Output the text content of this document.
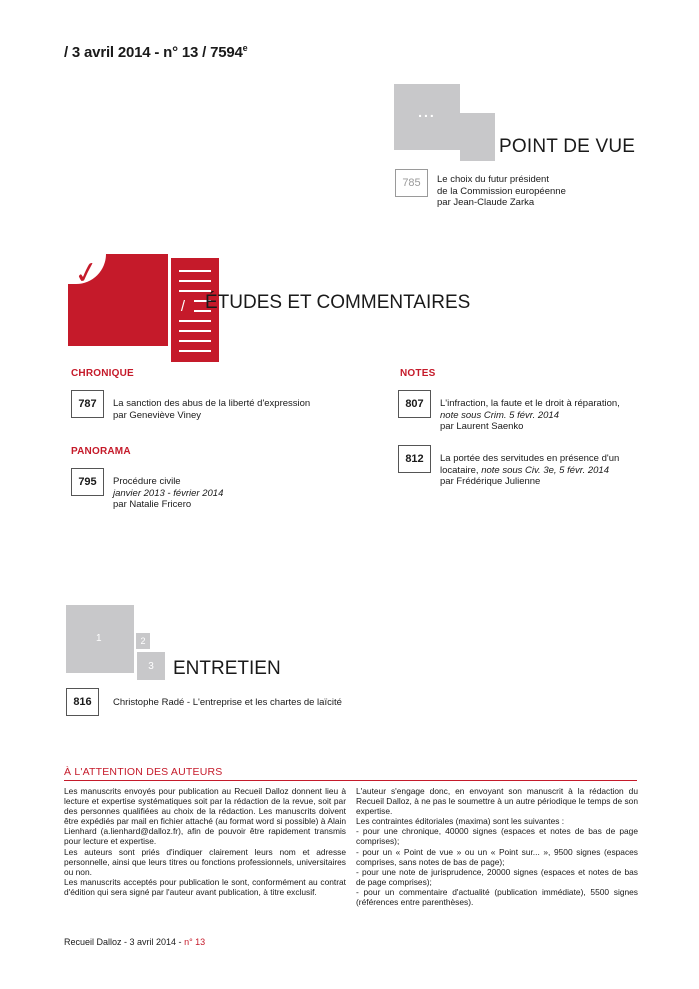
/ 3 avril 2014 - n° 13 / 7594e
...
POINT DE VUE
785	Le choix du futur président
de la Commission européenne
par Jean-Claude Zarka
✓
/	ÉTUDES ET COMMENTAIRES
CHRONIQUE
787	La sanction des abus de la liberté d'expression
par Geneviève Viney
PANORAMA
795	Procédure civile
janvier 2013 - février 2014
par Natalie Fricero
NOTES
807	L'infraction, la faute et le droit à réparation,
note sous Crim. 5 févr. 2014
par Laurent Saenko
812	La portée des servitudes en présence d'un
locataire, note sous Civ. 3e, 5 févr. 2014
par Frédérique Julienne
1	2
3	ENTRETIEN
816	Christophe Radé - L'entreprise et les chartes de laïcité
À L'ATTENTION DES AUTEURS

Les manuscrits envoyés pour publication au Recueil Dalloz donnent lieu à lecture et expertise systématiques soit par la rédaction de la revue, soit par des personnes qualifiées au choix de la rédaction. Les manuscrits doivent être expédiés par mail en fichier attaché (au format word si possible) à Alain Lienhard (a.lienhard@dalloz.fr), afin de pouvoir être rapidement transmis pour lecture et expertise.

Les auteurs sont priés d'indiquer clairement leurs nom et adresse personnelle, ainsi que leurs titres ou fonctions professionnels, universitaires ou non.

Les manuscrits acceptés pour publication le sont, conformément au contrat d'édition qui sera signé par l'auteur avant publication, à titre exclusif.

L'auteur s'engage donc, en envoyant son manuscrit à la rédaction du Recueil Dalloz, à ne pas le soumettre à un autre périodique le temps de son expertise.

Les contraintes éditoriales (maxima) sont les suivantes :

- pour une chronique, 40000 signes (espaces et notes de bas de page comprises);

- pour un « Point de vue » ou un « Point sur... », 9500 signes (espaces comprises, sans notes de bas de page);

- pour une note de jurisprudence, 20000 signes (espaces et notes de bas de page comprises);

- pour un commentaire d'actualité (publication immédiate), 5500 signes (références entre parenthèses).

Recueil Dalloz - 3 avril 2014 - n° 13
